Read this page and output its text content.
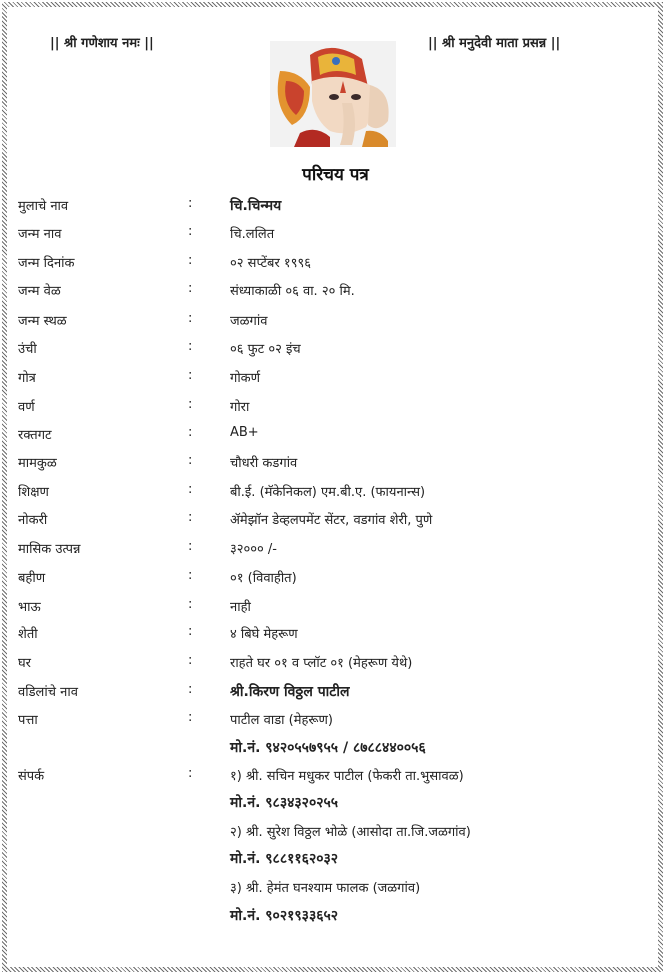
|| श्री गणेशाय नमः ||	|| श्री मनुदेवी माता प्रसन्न ||
परिचय पत्र
मुलाचे नाव	:	चि.चिन्मय
जन्म नाव	:	चि.ललित
जन्म दिनांक	:	०२ सप्टेंबर १९९६
जन्म वेळ	:	संध्याकाळी ०६ वा. २० मि.
जन्म स्थळ	:	जळगांव
उंची	:	०६ फुट ०२ इंच
गोत्र	:	गोकर्ण
वर्ण	:	गोरा
रक्तगट	:	AB+
मामकुळ	:	चौधरी कडगांव
शिक्षण	:	बी.ई. (मॅकेनिकल) एम.बी.ए. (फायनान्स)
नोकरी	:	ॲमेझॉन डेव्हलपमेंट सेंटर, वडगांव शेरी, पुणे
मासिक उत्पन्न	:	३२००० /-
बहीण	:	०१ (विवाहीत)
भाऊ	:	नाही
शेती	:	४ बिघे मेहरूण
घर	:	राहते घर ०१ व प्लॉट ०१ (मेहरूण येथे)
वडिलांचे नाव	:	श्री.किरण विठ्ठल पाटील
पत्ता	:	पाटील वाडा (मेहरूण)
मो.नं. ९४२०५५७९५५ / ८७८८४४००५६
संपर्क	:	१) श्री. सचिन मधुकर पाटील (फेकरी ता.भुसावळ)
मो.नं. ९८३४३२०२५५
२) श्री. सुरेश विठ्ठल भोळे (आसोदा ता.जि.जळगांव)
मो.नं. ९८८११६२०३२
३) श्री. हेमंत घनश्याम फालक (जळगांव)
मो.नं. ९०२१९३३६५२
